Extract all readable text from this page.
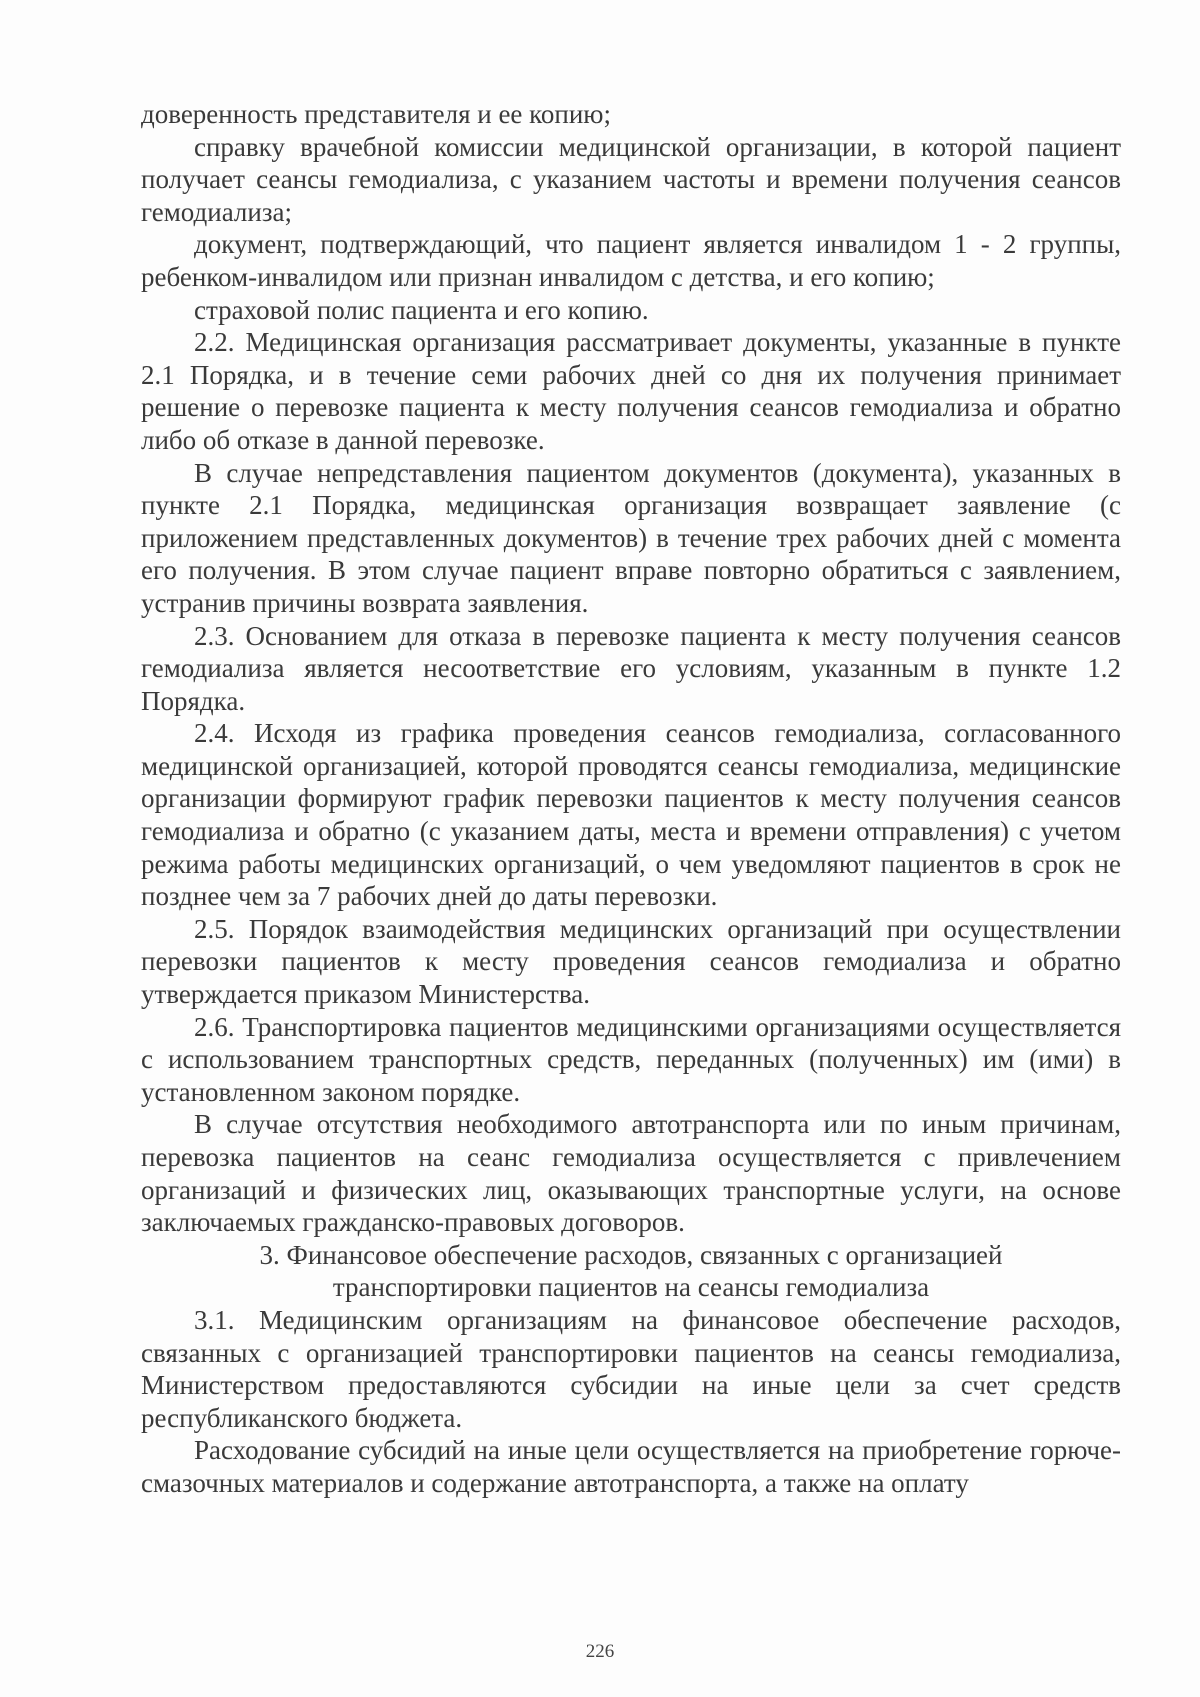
доверенность представителя и ее копию;

справку врачебной комиссии медицинской организации, в которой пациент получает сеансы гемодиализа, с указанием частоты и времени получения сеансов гемодиализа;

документ, подтверждающий, что пациент является инвалидом 1 - 2 группы, ребенком-инвалидом или признан инвалидом с детства, и его копию;

страховой полис пациента и его копию.

2.2. Медицинская организация рассматривает документы, указанные в пункте 2.1 Порядка, и в течение семи рабочих дней со дня их получения принимает решение о перевозке пациента к месту получения сеансов гемодиализа и обратно либо об отказе в данной перевозке.

В случае непредставления пациентом документов (документа), указанных в пункте 2.1 Порядка, медицинская организация возвращает заявление (с приложением представленных документов) в течение трех рабочих дней с момента его получения. В этом случае пациент вправе повторно обратиться с заявлением, устранив причины возврата заявления.

2.3. Основанием для отказа в перевозке пациента к месту получения сеансов гемодиализа является несоответствие его условиям, указанным в пункте 1.2 Порядка.

2.4. Исходя из графика проведения сеансов гемодиализа, согласованного медицинской организацией, которой проводятся сеансы гемодиализа, медицинские организации формируют график перевозки пациентов к месту получения сеансов гемодиализа и обратно (с указанием даты, места и времени отправления) с учетом режима работы медицинских организаций, о чем уведомляют пациентов в срок не позднее чем за 7 рабочих дней до даты перевозки.

2.5. Порядок взаимодействия медицинских организаций при осуществлении перевозки пациентов к месту проведения сеансов гемодиализа и обратно утверждается приказом Министерства.

2.6. Транспортировка пациентов медицинскими организациями осуществляется с использованием транспортных средств, переданных (полученных) им (ими) в установленном законом порядке.

В случае отсутствия необходимого автотранспорта или по иным причинам, перевозка пациентов на сеанс гемодиализа осуществляется с привлечением организаций и физических лиц, оказывающих транспортные услуги, на основе заключаемых гражданско-правовых договоров.

3. Финансовое обеспечение расходов, связанных с организацией
транспортировки пациентов на сеансы гемодиализа

3.1. Медицинским организациям на финансовое обеспечение расходов, связанных с организацией транспортировки пациентов на сеансы гемодиализа, Министерством предоставляются субсидии на иные цели за счет средств республиканского бюджета.

Расходование субсидий на иные цели осуществляется на приобретение горюче-смазочных материалов и содержание автотранспорта, а также на оплату

226
